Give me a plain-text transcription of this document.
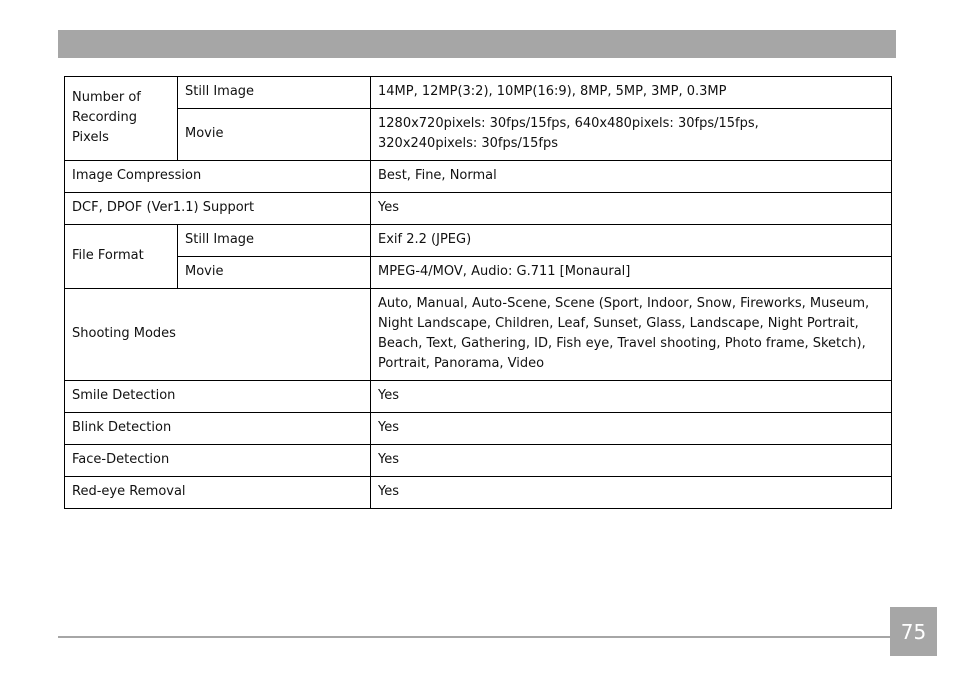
Number of Recording Pixels	Still Image	14MP, 12MP(3:2), 10MP(16:9), 8MP, 5MP, 3MP, 0.3MP
	Movie	1280x720pixels: 30fps/15fps, 640x480pixels: 30fps/15fps,
320x240pixels: 30fps/15fps
Image Compression		Best, Fine, Normal
DCF, DPOF (Ver1.1) Support		Yes
File Format	Still Image	Exif 2.2 (JPEG)
	Movie	MPEG-4/MOV, Audio: G.711 [Monaural]
Shooting Modes		Auto, Manual, Auto-Scene, Scene (Sport, Indoor, Snow, Fireworks, Museum, Night Landscape, Children, Leaf, Sunset, Glass, Landscape, Night Portrait, Beach, Text, Gathering, ID, Fish eye, Travel shooting, Photo frame, Sketch), Portrait, Panorama, Video
Smile Detection		Yes
Blink Detection		Yes
Face-Detection		Yes
Red-eye Removal		Yes
75
